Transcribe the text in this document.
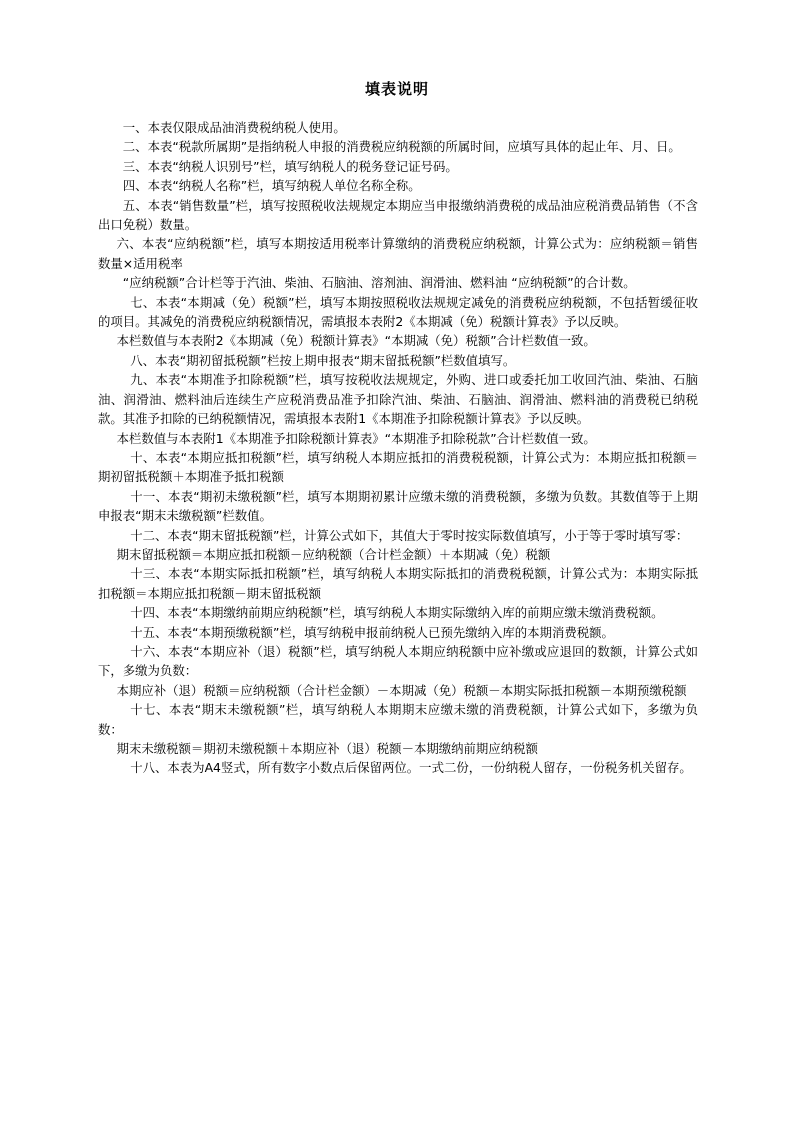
填表说明

一、本表仅限成品油消费税纳税人使用。

二、本表“税款所属期”是指纳税人申报的消费税应纳税额的所属时间，应填写具体的起止年、月、日。

三、本表“纳税人识别号”栏，填写纳税人的税务登记证号码。

四、本表“纳税人名称”栏，填写纳税人单位名称全称。

五、本表“销售数量”栏，填写按照税收法规规定本期应当申报缴纳消费税的成品油应税消费品销售（不含出口免税）数量。

六、本表“应纳税额”栏，填写本期按适用税率计算缴纳的消费税应纳税额，计算公式为：应纳税额＝销售数量×适用税率

“应纳税额”合计栏等于汽油、柴油、石脑油、溶剂油、润滑油、燃料油 “应纳税额”的合计数。

七、本表“本期减（免）税额”栏，填写本期按照税收法规规定减免的消费税应纳税额，不包括暂缓征收的项目。其减免的消费税应纳税额情况，需填报本表附2《本期减（免）税额计算表》予以反映。

本栏数值与本表附2《本期减（免）税额计算表》“本期减（免）税额”合计栏数值一致。

八、本表“期初留抵税额”栏按上期申报表“期末留抵税额”栏数值填写。

九、本表“本期准予扣除税额”栏，填写按税收法规规定，外购、进口或委托加工收回汽油、柴油、石脑油、润滑油、燃料油后连续生产应税消费品准予扣除汽油、柴油、石脑油、润滑油、燃料油的消费税已纳税款。其准予扣除的已纳税额情况，需填报本表附1《本期准予扣除税额计算表》予以反映。

本栏数值与本表附1《本期准予扣除税额计算表》“本期准予扣除税款”合计栏数值一致。

十、本表“本期应抵扣税额”栏，填写纳税人本期应抵扣的消费税税额，计算公式为：本期应抵扣税额＝期初留抵税额＋本期准予抵扣税额

十一、本表“期初未缴税额”栏，填写本期期初累计应缴未缴的消费税额，多缴为负数。其数值等于上期申报表“期末未缴税额”栏数值。

十二、本表“期末留抵税额”栏，计算公式如下，其值大于零时按实际数值填写，小于等于零时填写零：

期末留抵税额＝本期应抵扣税额－应纳税额（合计栏金额）＋本期减（免）税额

十三、本表“本期实际抵扣税额”栏，填写纳税人本期实际抵扣的消费税税额，计算公式为：本期实际抵扣税额＝本期应抵扣税额－期末留抵税额

十四、本表“本期缴纳前期应纳税额”栏，填写纳税人本期实际缴纳入库的前期应缴未缴消费税额。

十五、本表“本期预缴税额”栏，填写纳税申报前纳税人已预先缴纳入库的本期消费税额。

十六、本表“本期应补（退）税额”栏，填写纳税人本期应纳税额中应补缴或应退回的数额，计算公式如下，多缴为负数：

本期应补（退）税额＝应纳税额（合计栏金额）－本期减（免）税额－本期实际抵扣税额－本期预缴税额

十七、本表“期末未缴税额”栏，填写纳税人本期期末应缴未缴的消费税额，计算公式如下，多缴为负数：

期末未缴税额＝期初未缴税额＋本期应补（退）税额－本期缴纳前期应纳税额

十八、本表为A4竖式，所有数字小数点后保留两位。一式二份，一份纳税人留存，一份税务机关留存。
